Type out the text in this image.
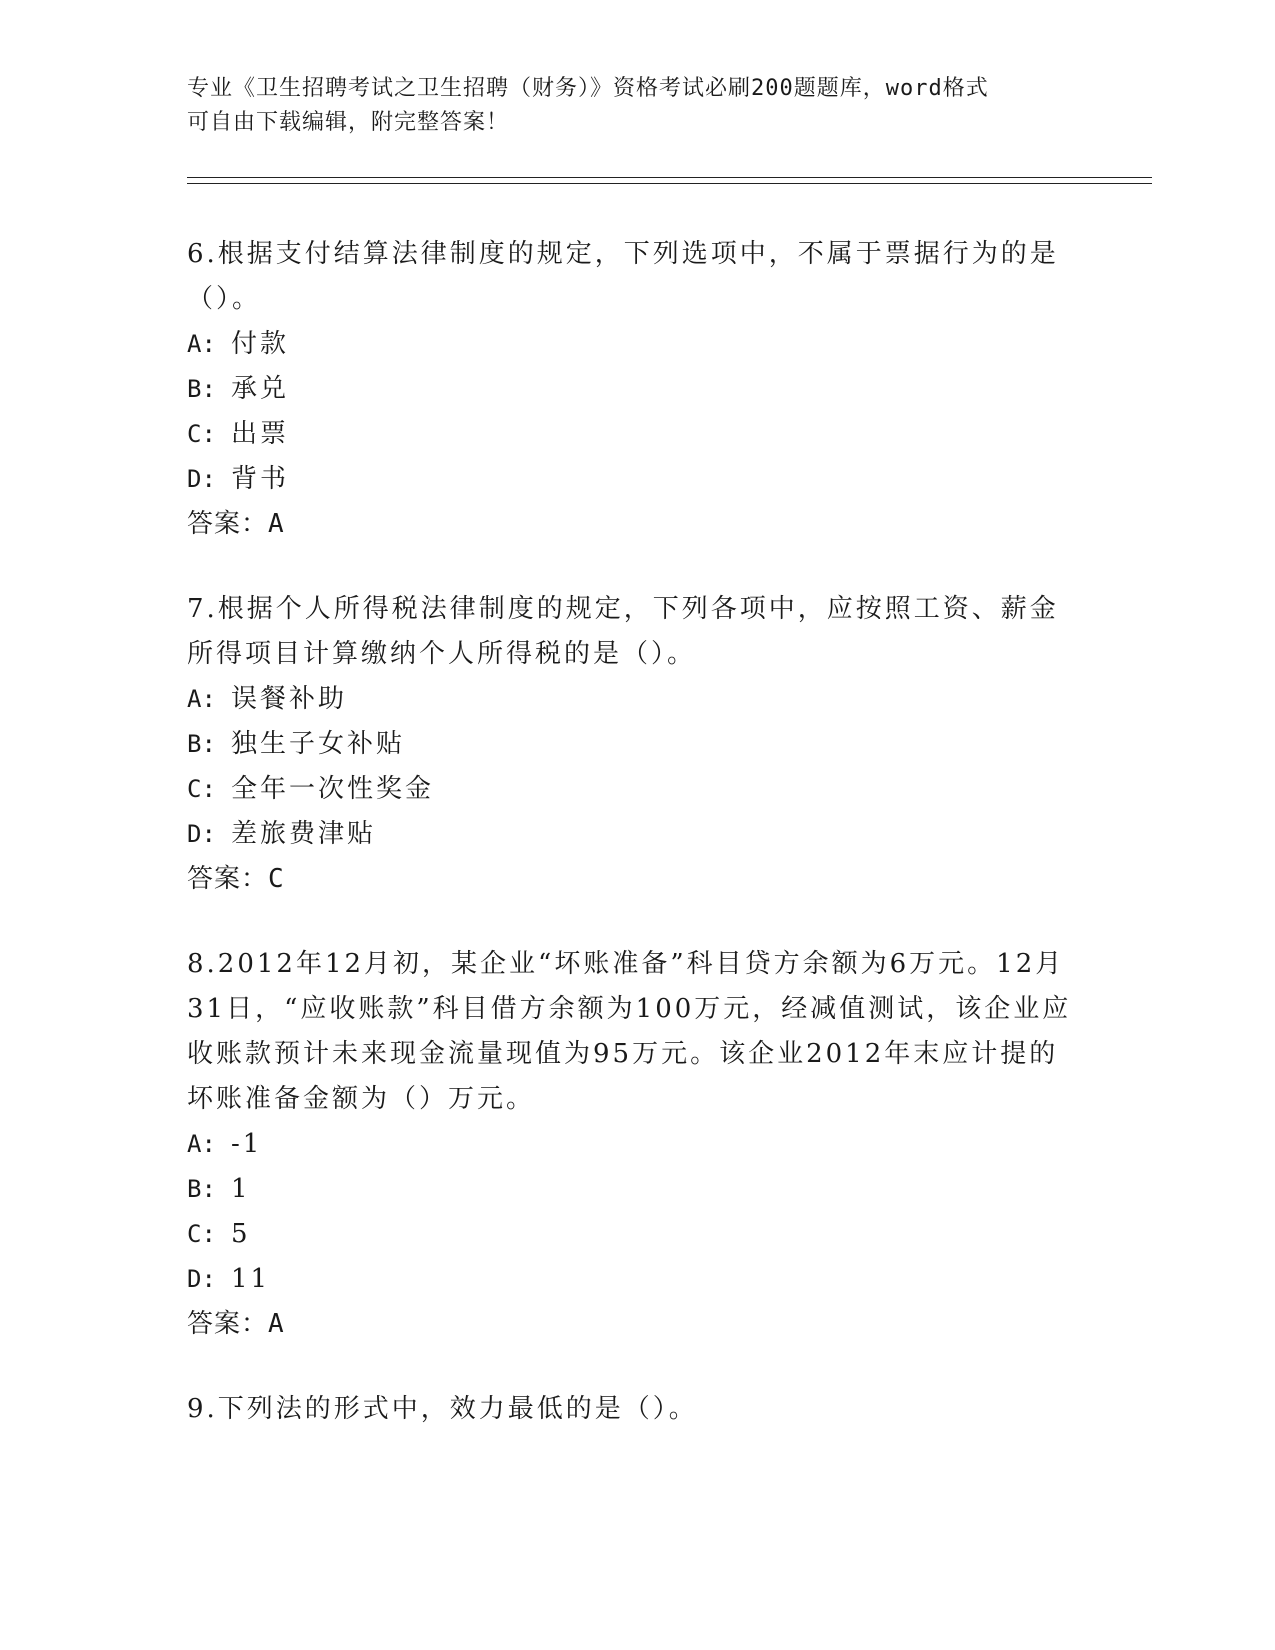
专业《卫生招聘考试之卫生招聘（财务）》资格考试必刷200题题库，word格式
可自由下载编辑，附完整答案！

6.根据支付结算法律制度的规定，下列选项中，不属于票据行为的是（）。

A: 付款
B: 承兑
C: 出票
D: 背书

答案：A

7.根据个人所得税法律制度的规定，下列各项中，应按照工资、薪金所得项目计算缴纳个人所得税的是（）。

A: 误餐补助
B: 独生子女补贴
C: 全年一次性奖金
D: 差旅费津贴

答案：C

8.2012年12月初，某企业“坏账准备”科目贷方余额为6万元。12月31日，“应收账款”科目借方余额为100万元，经减值测试，该企业应收账款预计未来现金流量现值为95万元。该企业2012年末应计提的坏账准备金额为（）万元。

A: -1
B: 1
C: 5
D: 11

答案：A

9.下列法的形式中，效力最低的是（）。
